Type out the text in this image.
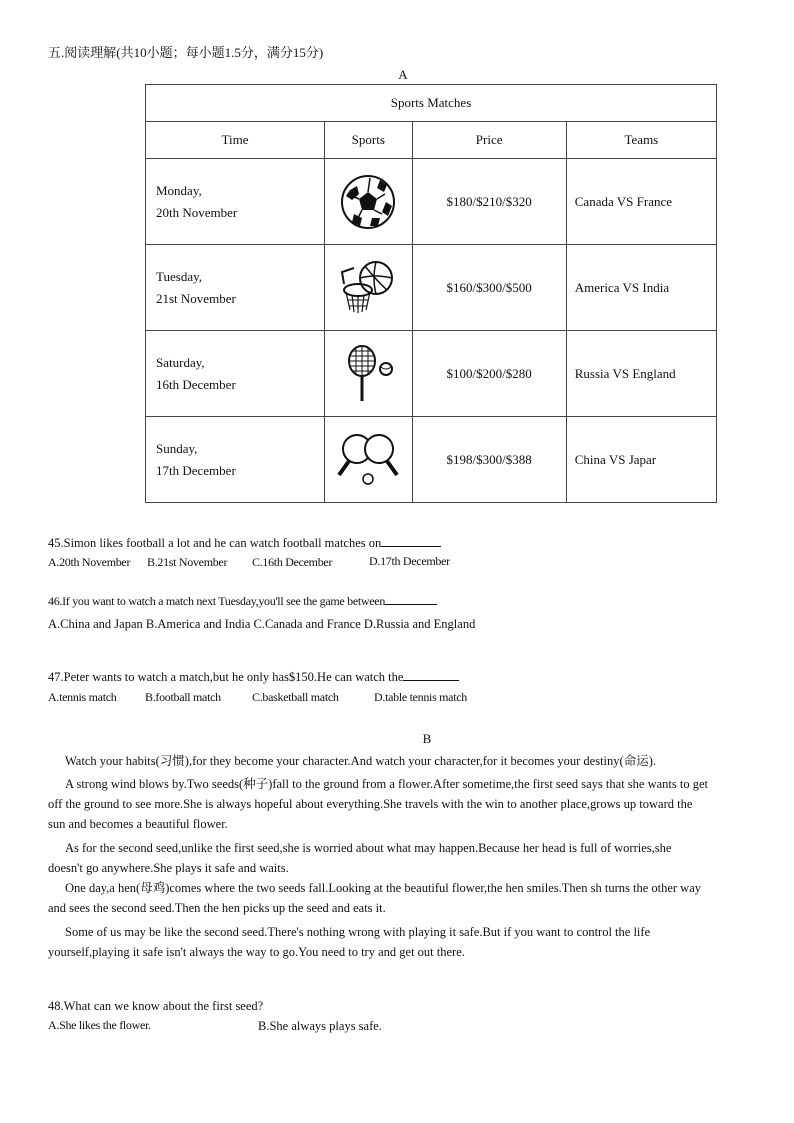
五.阅读理解(共10小题；每小题1.5分，满分15分)
A
Sports Matches			
Time	Sports	Price	Teams

Monday,
20th November		$180/$210/$320	Canada VS France

Tuesday,
21st November		$160/$300/$500	America VS India

Saturday,
16th December		$100/$200/$280	Russia VS England

Sunday,
17th December		$198/$300/$388	China VS Japar
45.Simon likes football a lot and he can watch football matches on
A.20th November B.21st November C.16th December	D.17th December
46.If you want to watch a match next Tuesday,you'll see the game between
A.China and Japan B.America and India C.Canada and France D.Russia and England
47.Peter wants to watch a match,but he only has$150.He can watch the
A.tennis match B.football match	C.basketball match	D.table tennis match
B

Watch your habits(习惯),for they become your character.And watch your character,for it becomes your destiny(命运).

A strong wind blows by.Two seeds(种子)fall to the ground from a flower.After sometime,the first seed says that she wants to get

off the ground to see more.She is always hopeful about everything.She travels with the win to another place,grows up toward the

sun and becomes a beautiful flower.

As for the second seed,unlike the first seed,she is worried about what may happen.Because her head is full of worries,she

doesn't go anywhere.She plays it safe and waits.

One day,a hen(母鸡)comes where the two seeds fall.Looking at the beautiful flower,the hen smiles.Then sh turns the other way

and sees the second seed.Then the hen picks up the seed and eats it.

Some of us may be like the second seed.There's nothing wrong with playing it safe.But if you want to control the life

yourself,playing it safe isn't always the way to go.You need to try and get out there.

48.What can we know about the first seed?
A.She likes the flower.	B.She always plays safe.
